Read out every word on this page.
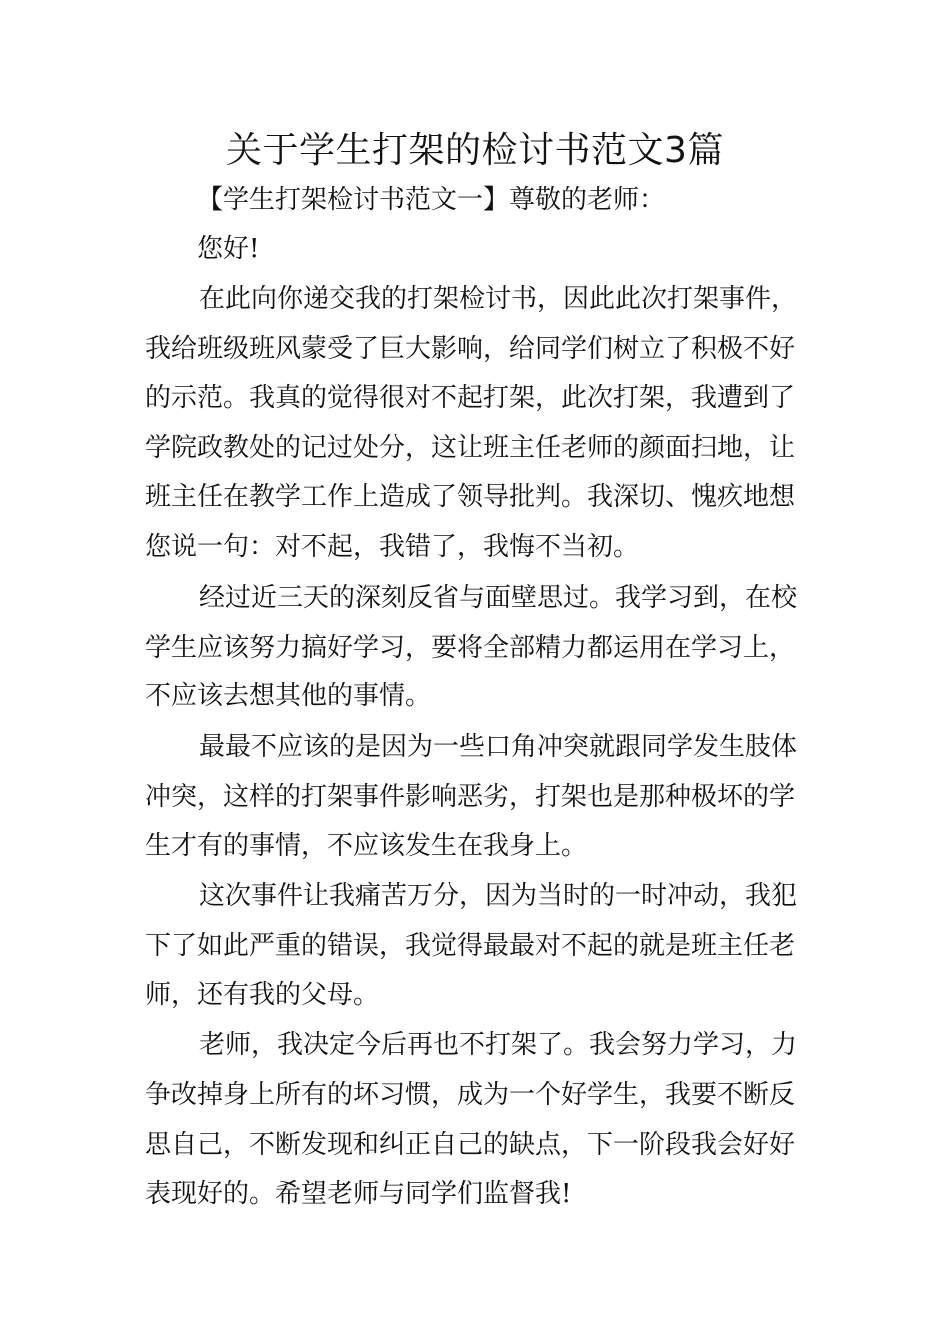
关于学生打架的检讨书范文3篇
【学生打架检讨书范文一】尊敬的老师：
您好!
在此向你递交我的打架检讨书，因此此次打架事件，
我给班级班风蒙受了巨大影响，给同学们树立了积极不好
的示范。我真的觉得很对不起打架，此次打架，我遭到了
学院政教处的记过处分，这让班主任老师的颜面扫地，让
班主任在教学工作上造成了领导批判。我深切、愧疚地想
您说一句：对不起，我错了，我悔不当初。
经过近三天的深刻反省与面壁思过。我学习到，在校
学生应该努力搞好学习，要将全部精力都运用在学习上，
不应该去想其他的事情。
最最不应该的是因为一些口角冲突就跟同学发生肢体
冲突，这样的打架事件影响恶劣，打架也是那种极坏的学
生才有的事情，不应该发生在我身上。
这次事件让我痛苦万分，因为当时的一时冲动，我犯
下了如此严重的错误，我觉得最最对不起的就是班主任老
师，还有我的父母。
老师，我决定今后再也不打架了。我会努力学习，力
争改掉身上所有的坏习惯，成为一个好学生，我要不断反
思自己，不断发现和纠正自己的缺点，下一阶段我会好好
表现好的。希望老师与同学们监督我!
